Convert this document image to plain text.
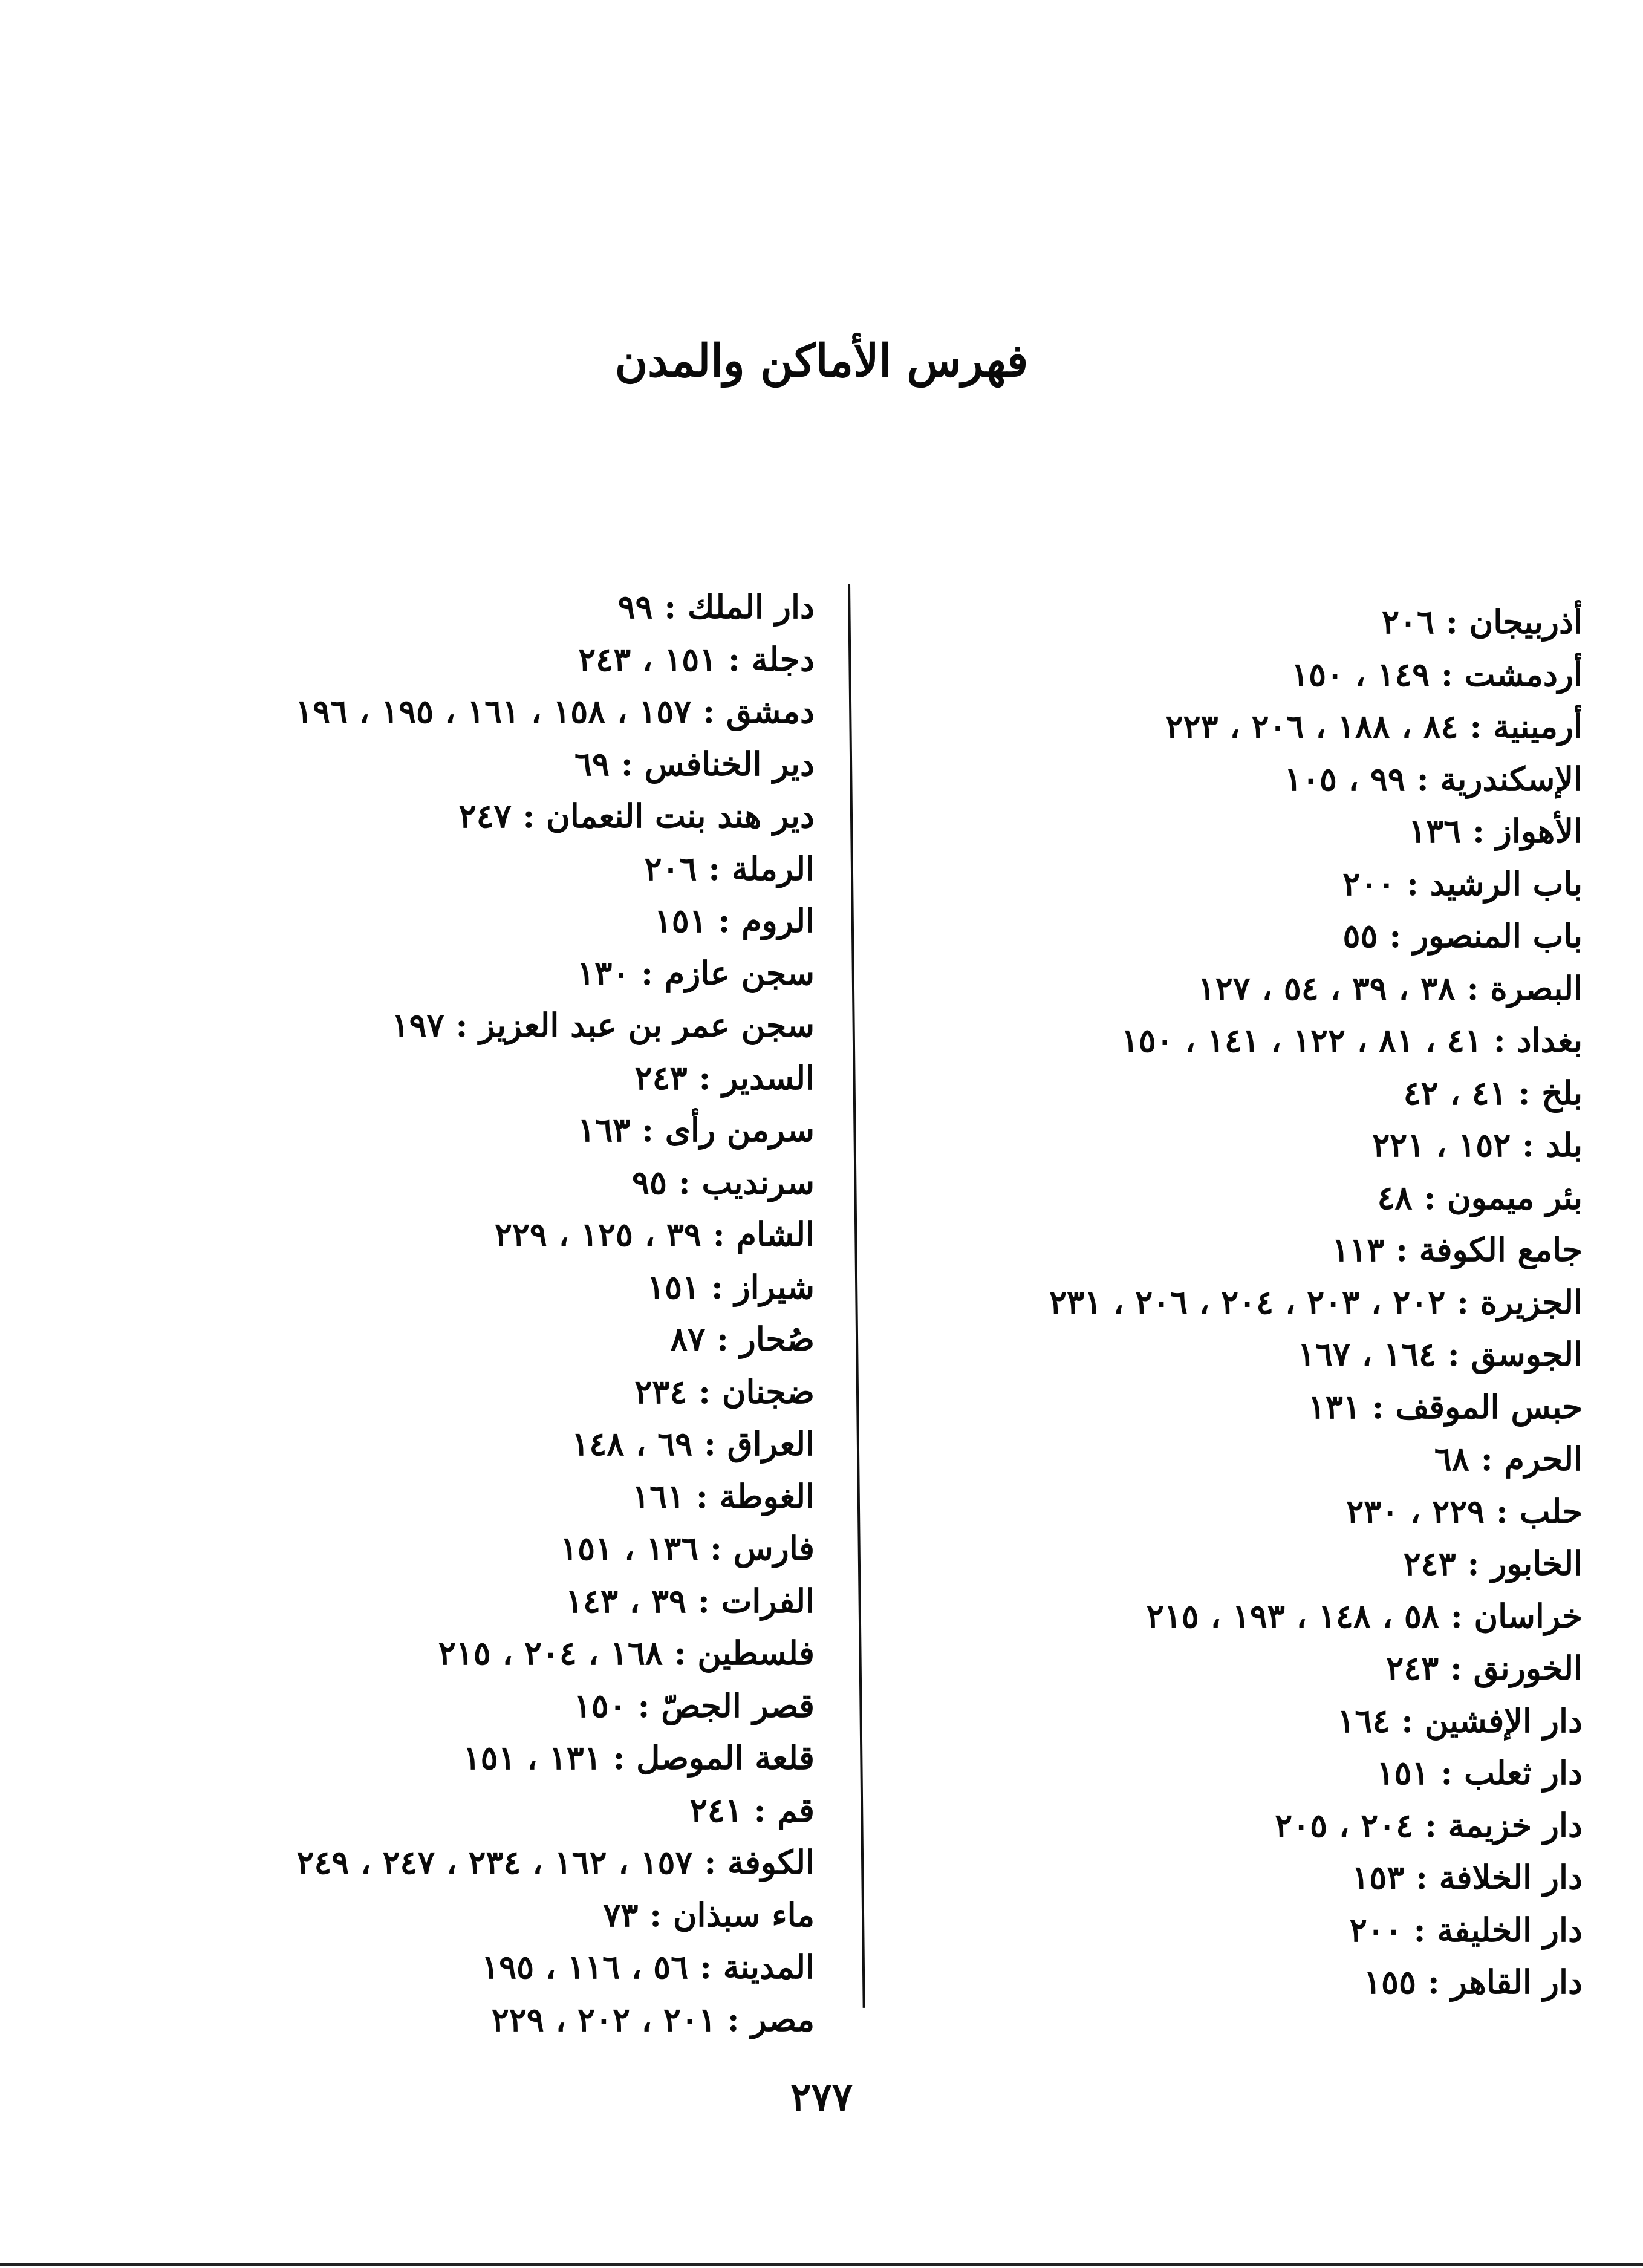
فهرس الأماكن والمدن
أذربيجان : ٢٠٦
أردمشت : ١٤٩ ، ١٥٠
أرمينية : ٨٤ ، ١٨٨ ، ٢٠٦ ، ٢٢٣
الإسكندرية : ٩٩ ، ١٠٥
الأهواز : ١٣٦
باب الرشيد : ٢٠٠
باب المنصور : ٥٥
البصرة : ٣٨ ، ٣٩ ، ٥٤ ، ١٢٧
بغداد : ٤١ ، ٨١ ، ١٢٢ ، ١٤١ ، ١٥٠
بلخ : ٤١ ، ٤٢
بلد : ١٥٢ ، ٢٢١
بئر ميمون : ٤٨
جامع الكوفة : ١١٣
الجزيرة : ٢٠٢ ، ٢٠٣ ، ٢٠٤ ، ٢٠٦ ، ٢٣١
الجوسق : ١٦٤ ، ١٦٧
حبس الموقف : ١٣١
الحرم : ٦٨
حلب : ٢٢٩ ، ٢٣٠
الخابور : ٢٤٣
خراسان : ٥٨ ، ١٤٨ ، ١٩٣ ، ٢١٥
الخورنق : ٢٤٣
دار الإفشين : ١٦٤
دار ثعلب : ١٥١
دار خزيمة : ٢٠٤ ، ٢٠٥
دار الخلافة : ١٥٣
دار الخليفة : ٢٠٠
دار القاهر : ١٥٥
دار الملك : ٩٩
دجلة : ١٥١ ، ٢٤٣
دمشق : ١٥٧ ، ١٥٨ ، ١٦١ ، ١٩٥ ، ١٩٦
دير الخنافس : ٦٩
دير هند بنت النعمان : ٢٤٧
الرملة : ٢٠٦
الروم : ١٥١
سجن عازم : ١٣٠
سجن عمر بن عبد العزيز : ١٩٧
السدير : ٢٤٣
سرمن رأى : ١٦٣
سرنديب : ٩٥
الشام : ٣٩ ، ١٢٥ ، ٢٢٩
شيراز : ١٥١
صُحار : ٨٧
ضجنان : ٢٣٤
العراق : ٦٩ ، ١٤٨
الغوطة : ١٦١
فارس : ١٣٦ ، ١٥١
الفرات : ٣٩ ، ١٤٣
فلسطين : ١٦٨ ، ٢٠٤ ، ٢١٥
قصر الجصّ : ١٥٠
قلعة الموصل : ١٣١ ، ١٥١
قم : ٢٤١
الكوفة : ١٥٧ ، ١٦٢ ، ٢٣٤ ، ٢٤٧ ، ٢٤٩
ماء سبذان : ٧٣
المدينة : ٥٦ ، ١١٦ ، ١٩٥
مصر : ٢٠١ ، ٢٠٢ ، ٢٢٩
٢٧٧
